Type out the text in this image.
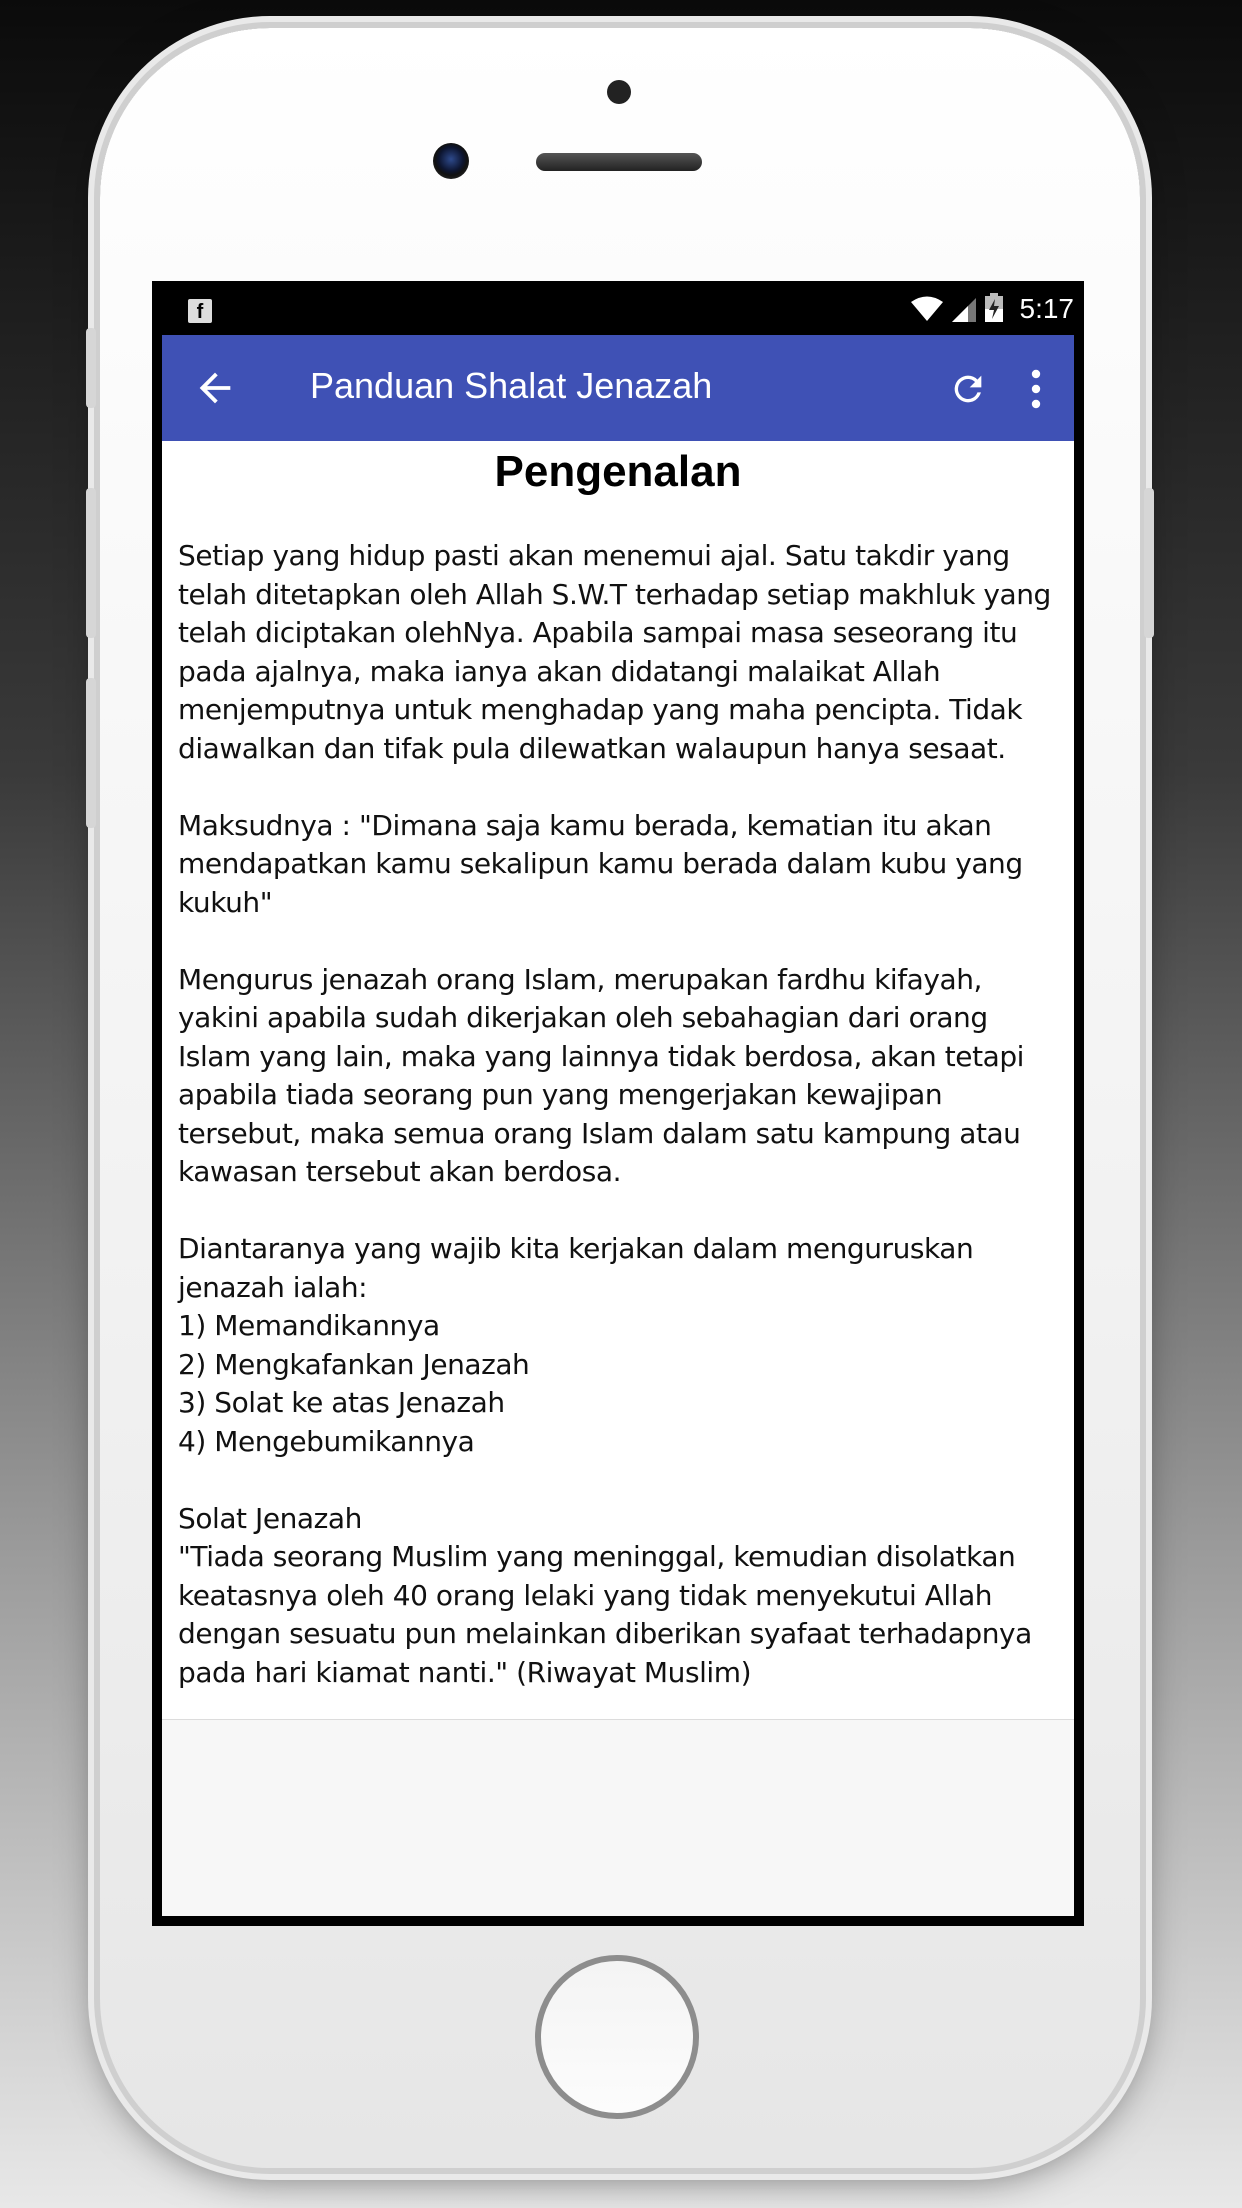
f	5:17
Panduan Shalat Jenazah
Pengenalan
Setiap yang hidup pasti akan menemui ajal. Satu takdir yang telah ditetapkan oleh Allah S.W.T terhadap setiap makhluk yang telah diciptakan olehNya. Apabila sampai masa seseorang itu pada ajalnya, maka ianya akan didatangi malaikat Allah menjemputnya untuk menghadap yang maha pencipta. Tidak diawalkan dan tifak pula dilewatkan walaupun hanya sesaat.

Maksudnya : "Dimana saja kamu berada, kematian itu akan mendapatkan kamu sekalipun kamu berada dalam kubu yang kukuh"

Mengurus jenazah orang Islam, merupakan fardhu kifayah, yakini apabila sudah dikerjakan oleh sebahagian dari orang Islam yang lain, maka yang lainnya tidak berdosa, akan tetapi apabila tiada seorang pun yang mengerjakan kewajipan tersebut, maka semua orang Islam dalam satu kampung atau kawasan tersebut akan berdosa.

Diantaranya yang wajib kita kerjakan dalam menguruskan jenazah ialah:
1) Memandikannya
2) Mengkafankan Jenazah
3) Solat ke atas Jenazah
4) Mengebumikannya

Solat Jenazah
"Tiada seorang Muslim yang meninggal, kemudian disolatkan keatasnya oleh 40 orang lelaki yang tidak menyekutui Allah dengan sesuatu pun melainkan diberikan syafaat terhadapnya pada hari kiamat nanti." (Riwayat Muslim)
